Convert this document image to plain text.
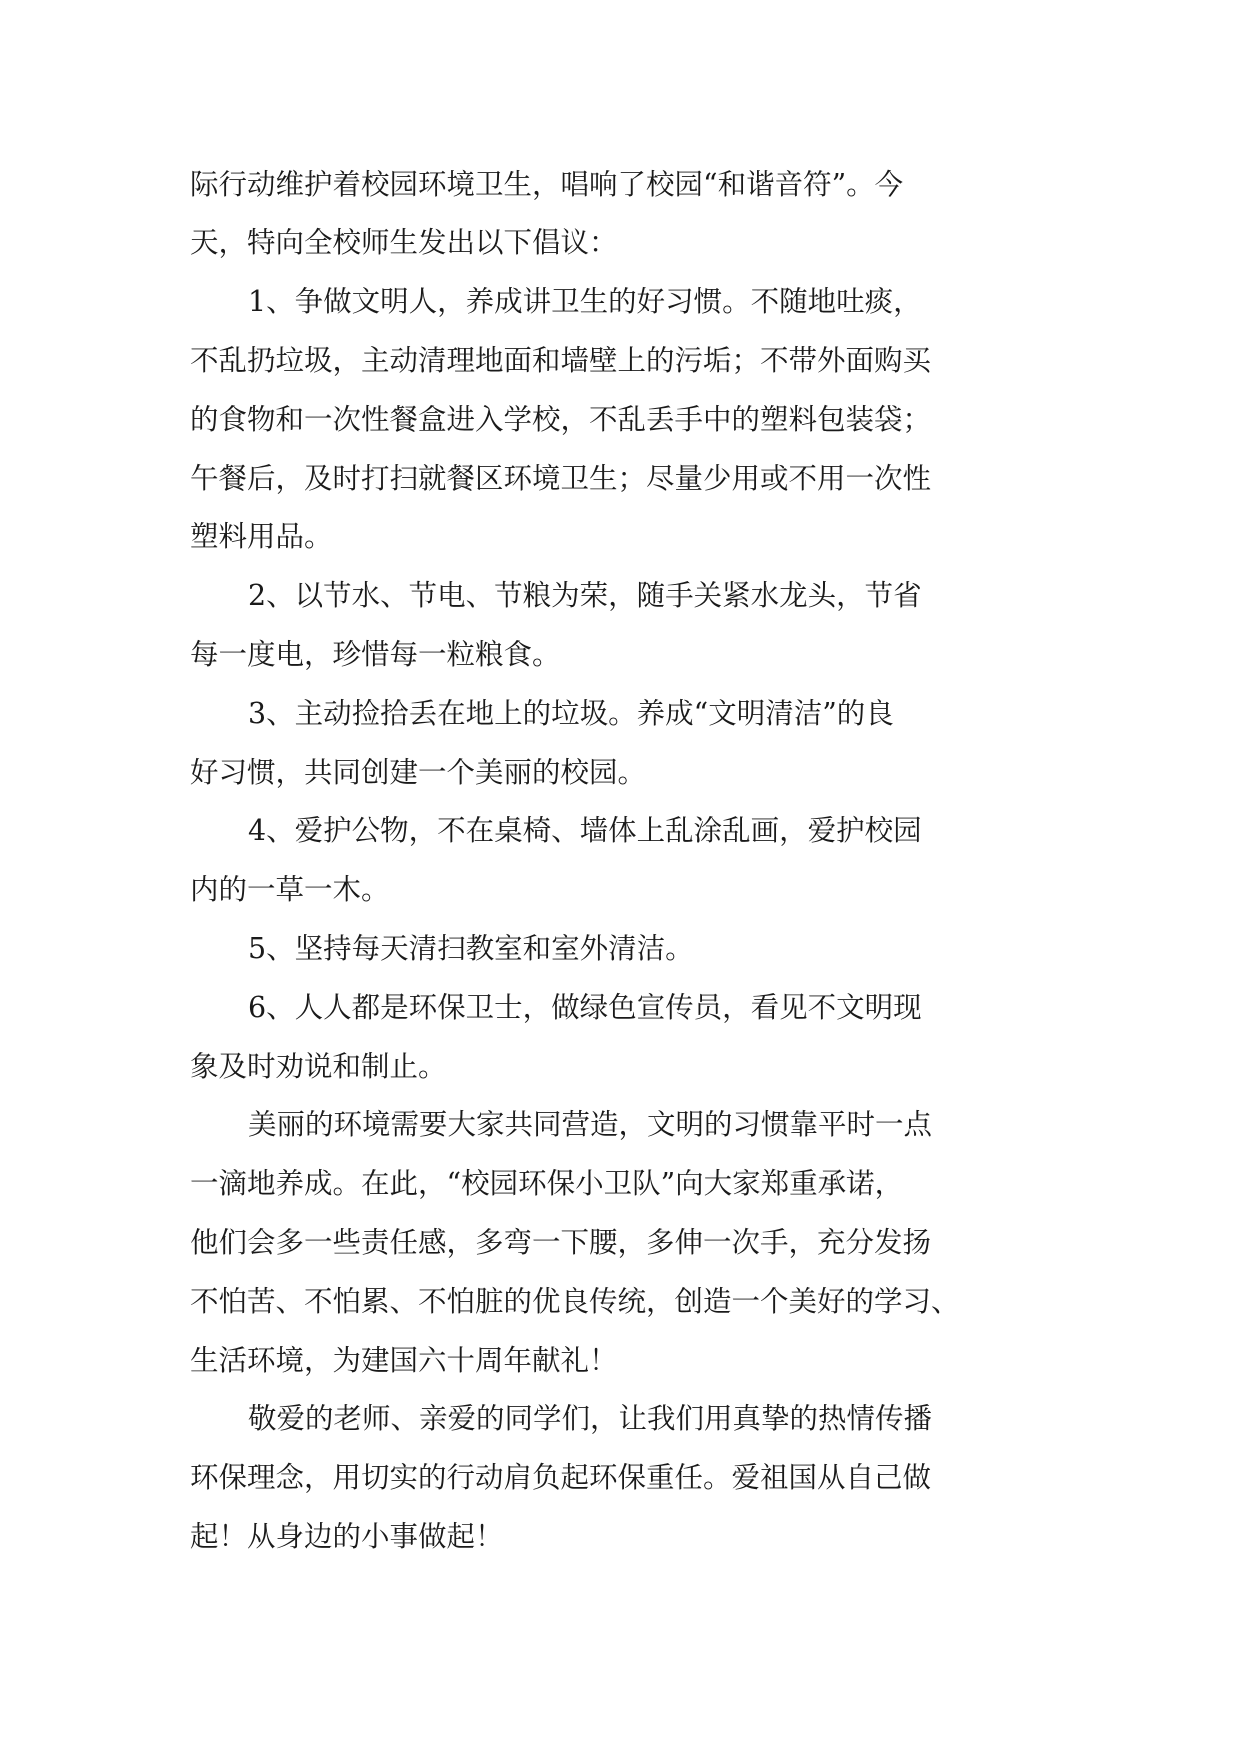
际行动维护着校园环境卫生，唱响了校园“和谐音符”。今

天，特向全校师生发出以下倡议：

1、争做文明人，养成讲卫生的好习惯。不随地吐痰，

不乱扔垃圾，主动清理地面和墙壁上的污垢；不带外面购买

的食物和一次性餐盒进入学校，不乱丢手中的塑料包装袋；

午餐后，及时打扫就餐区环境卫生；尽量少用或不用一次性

塑料用品。

2、以节水、节电、节粮为荣，随手关紧水龙头，节省

每一度电，珍惜每一粒粮食。

3、主动捡拾丢在地上的垃圾。养成“文明清洁”的良

好习惯，共同创建一个美丽的校园。

4、爱护公物，不在桌椅、墙体上乱涂乱画，爱护校园

内的一草一木。

5、坚持每天清扫教室和室外清洁。

6、人人都是环保卫士，做绿色宣传员，看见不文明现

象及时劝说和制止。

美丽的环境需要大家共同营造，文明的习惯靠平时一点

一滴地养成。在此，“校园环保小卫队”向大家郑重承诺，

他们会多一些责任感，多弯一下腰，多伸一次手，充分发扬

不怕苦、不怕累、不怕脏的优良传统，创造一个美好的学习、

生活环境，为建国六十周年献礼！

敬爱的老师、亲爱的同学们，让我们用真挚的热情传播

环保理念，用切实的行动肩负起环保重任。爱祖国从自己做

起！从身边的小事做起！
